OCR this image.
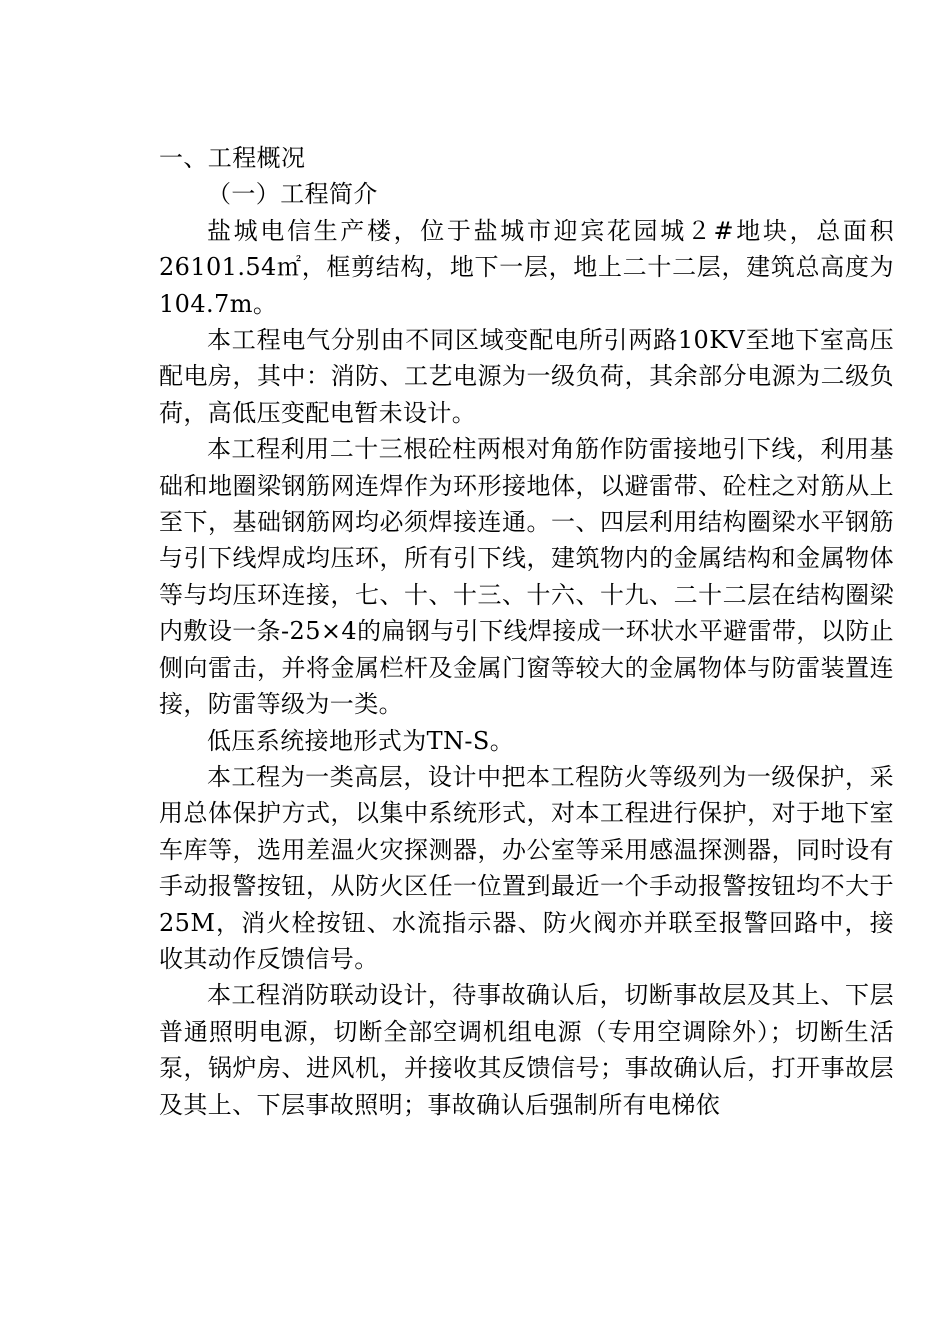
一、工程概况
（一）工程简介

盐城电信生产楼，位于盐城市迎宾花园城２#地块，总面积26101.54㎡，框剪结构，地下一层，地上二十二层，建筑总高度为104.7m。

本工程电气分别由不同区域变配电所引两路10KV至地下室高压配电房，其中：消防、工艺电源为一级负荷，其余部分电源为二级负荷，高低压变配电暂未设计。

本工程利用二十三根砼柱两根对角筋作防雷接地引下线，利用基础和地圈梁钢筋网连焊作为环形接地体，以避雷带、砼柱之对筋从上至下，基础钢筋网均必须焊接连通。一、四层利用结构圈梁水平钢筋与引下线焊成均压环，所有引下线，建筑物内的金属结构和金属物体等与均压环连接，七、十、十三、十六、十九、二十二层在结构圈梁内敷设一条-25×4的扁钢与引下线焊接成一环状水平避雷带，以防止侧向雷击，并将金属栏杆及金属门窗等较大的金属物体与防雷装置连接，防雷等级为一类。

低压系统接地形式为TN-S。

本工程为一类高层，设计中把本工程防火等级列为一级保护，采用总体保护方式，以集中系统形式，对本工程进行保护，对于地下室车库等，选用差温火灾探测器，办公室等采用感温探测器，同时设有手动报警按钮，从防火区任一位置到最近一个手动报警按钮均不大于25M，消火栓按钮、水流指示器、防火阀亦并联至报警回路中，接收其动作反馈信号。

本工程消防联动设计，待事故确认后，切断事故层及其上、下层普通照明电源，切断全部空调机组电源（专用空调除外）；切断生活泵，锅炉房、进风机，并接收其反馈信号；事故确认后，打开事故层及其上、下层事故照明；事故确认后强制所有电梯依
